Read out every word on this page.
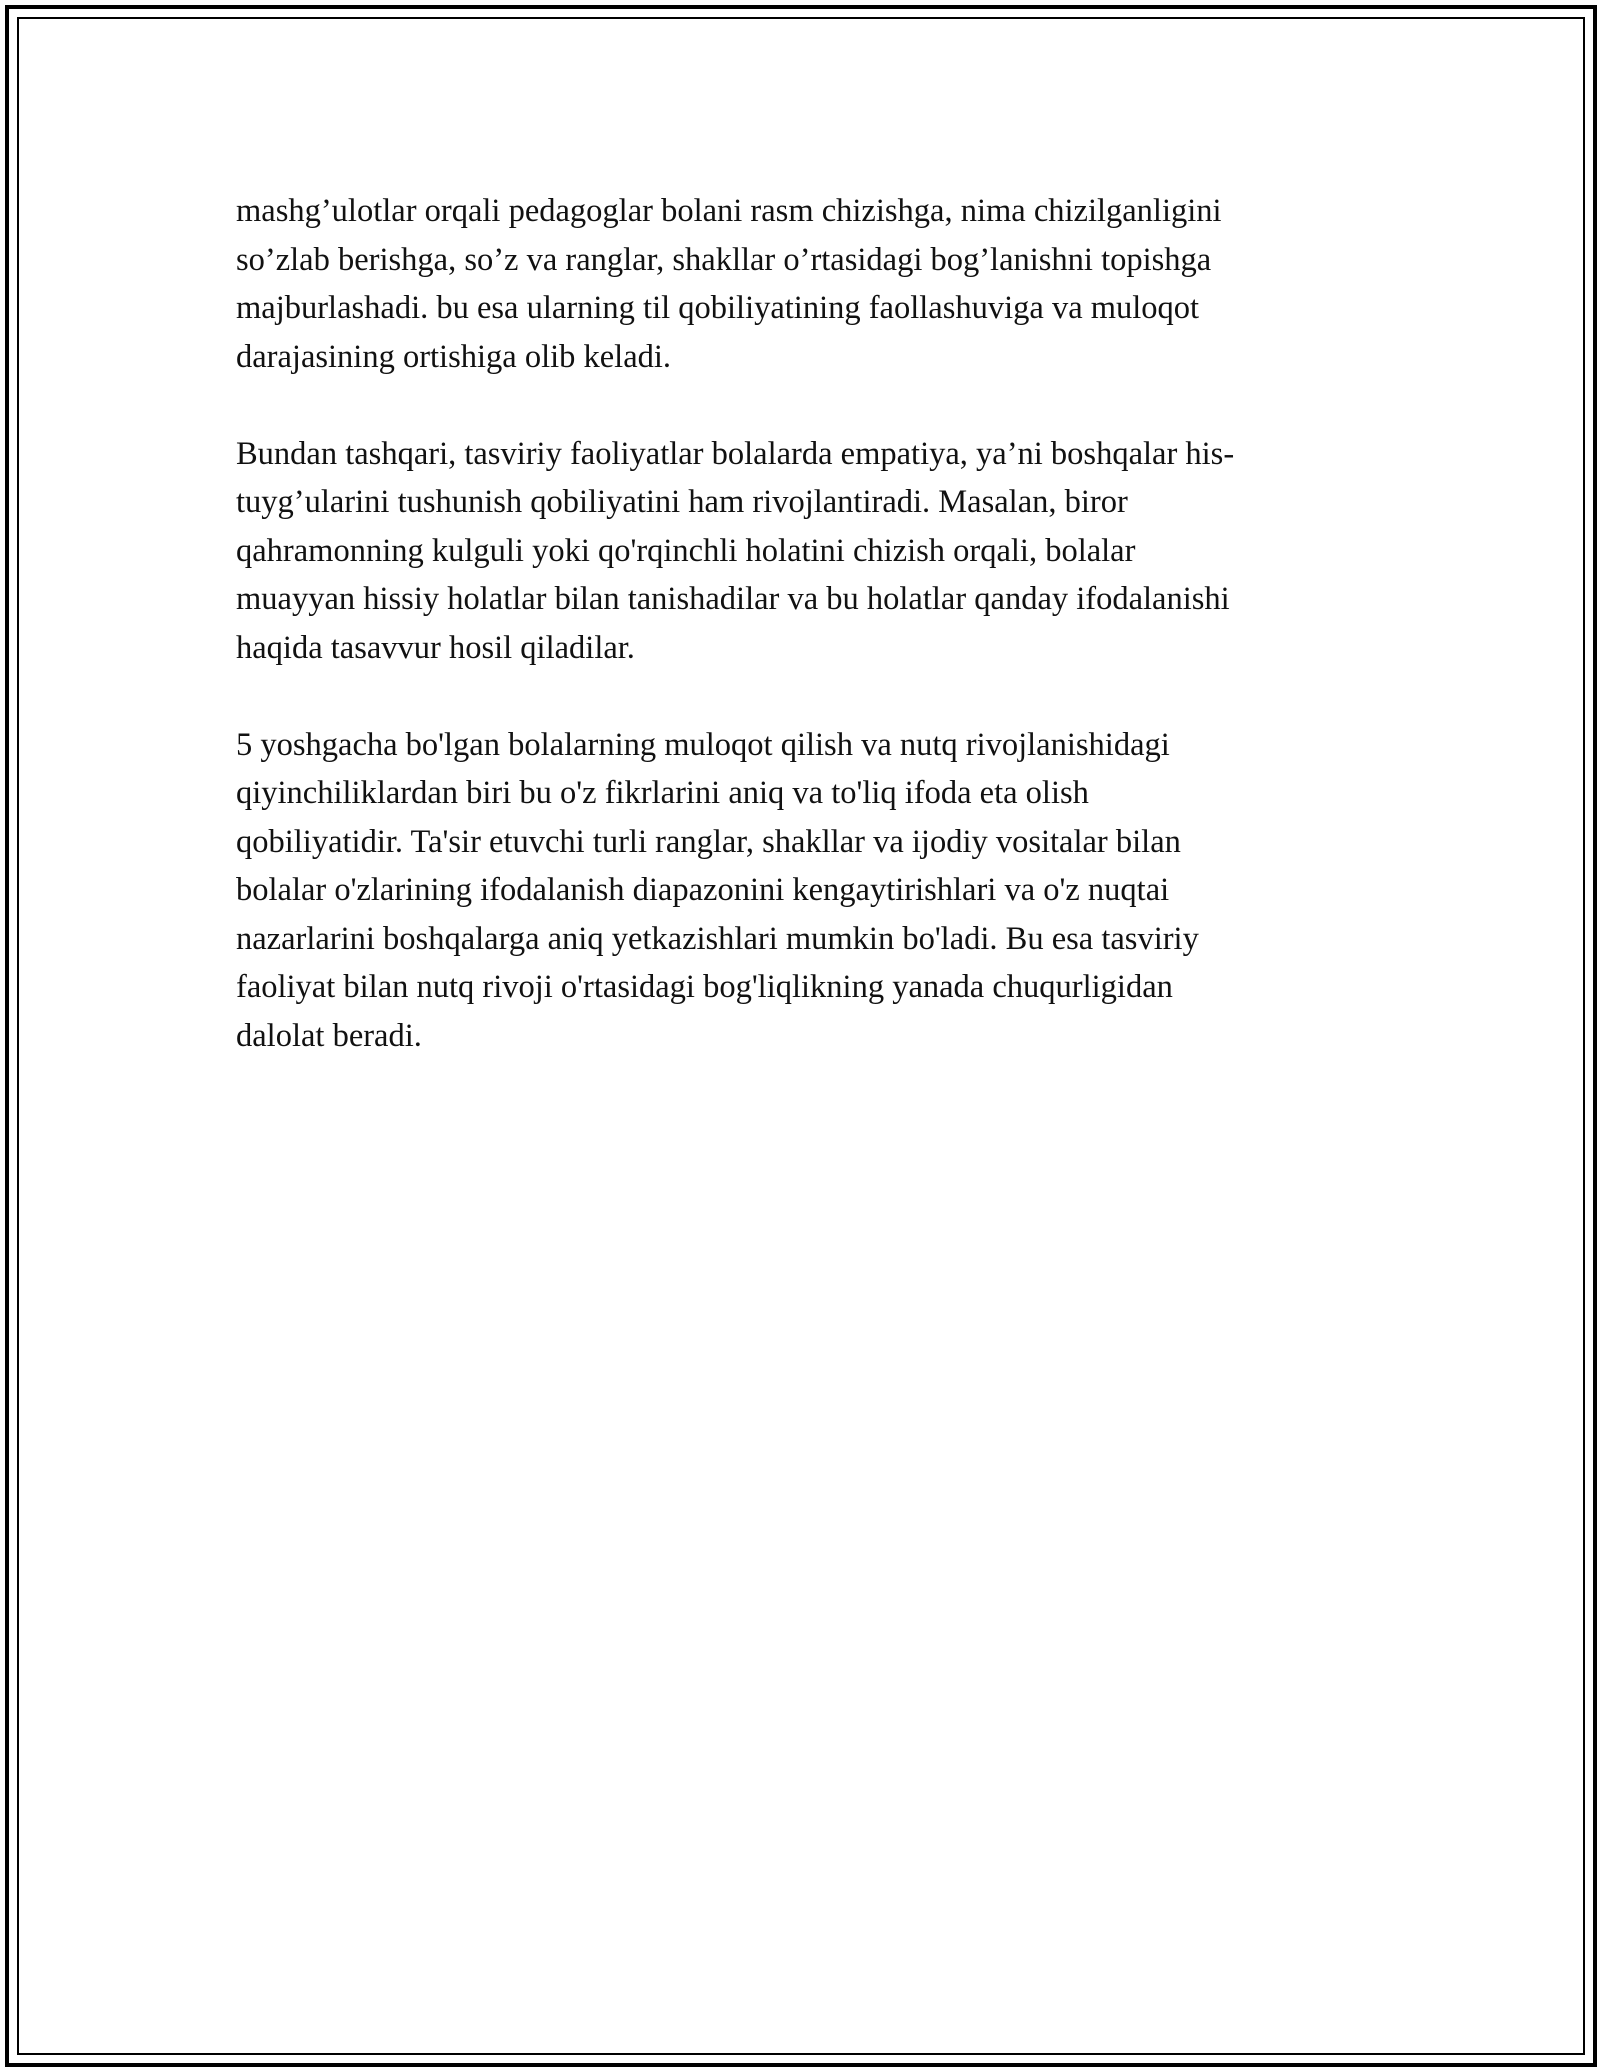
mashg’ulotlar orqali pedagoglar bolani rasm chizishga, nima chizilganligini
so’zlab berishga, so’z va ranglar, shakllar o’rtasidagi bog’lanishni topishga
majburlashadi. bu esa ularning til qobiliyatining faollashuviga va muloqot
darajasining ortishiga olib keladi.

Bundan tashqari, tasviriy faoliyatlar bolalarda empatiya, ya’ni boshqalar his-
tuyg’ularini tushunish qobiliyatini ham rivojlantiradi. Masalan, biror
qahramonning kulguli yoki qo'rqinchli holatini chizish orqali, bolalar
muayyan hissiy holatlar bilan tanishadilar va bu holatlar qanday ifodalanishi
haqida tasavvur hosil qiladilar.

5 yoshgacha bo'lgan bolalarning muloqot qilish va nutq rivojlanishidagi
qiyinchiliklardan biri bu o'z fikrlarini aniq va to'liq ifoda eta olish
qobiliyatidir. Ta'sir etuvchi turli ranglar, shakllar va ijodiy vositalar bilan
bolalar o'zlarining ifodalanish diapazonini kengaytirishlari va o'z nuqtai
nazarlarini boshqalarga aniq yetkazishlari mumkin bo'ladi. Bu esa tasviriy
faoliyat bilan nutq rivoji o'rtasidagi bog'liqlikning yanada chuqurligidan
dalolat beradi.
